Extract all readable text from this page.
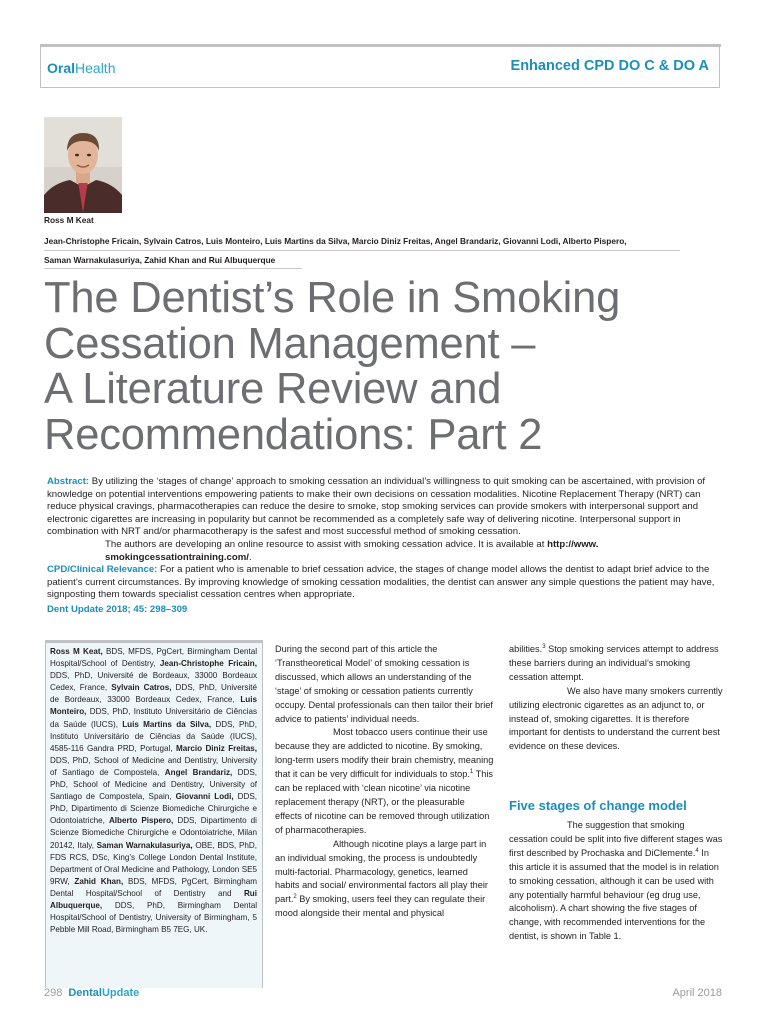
OralHealth	Enhanced CPD DO C & DO A
Ross M Keat
Jean-Christophe Fricain, Sylvain Catros, Luis Monteiro, Luis Martins da Silva, Marcio Diniz Freitas, Angel Brandariz, Giovanni Lodi, Alberto Pispero,
Saman Warnakulasuriya, Zahid Khan and Rui Albuquerque
The Dentist’s Role in Smoking
Cessation Management –
A Literature Review and
Recommendations: Part 2

Abstract: By utilizing the ‘stages of change’ approach to smoking cessation an individual’s willingness to quit smoking can be ascertained, with provision of knowledge on potential interventions empowering patients to make their own decisions on cessation modalities. Nicotine Replacement Therapy (NRT) can reduce physical cravings, pharmacotherapies can reduce the desire to smoke, stop smoking services can provide smokers with interpersonal support and electronic cigarettes are increasing in popularity but cannot be recommended as a completely safe way of delivering nicotine. Interpersonal support in combination with NRT and/or pharmacotherapy is the safest and most successful method of smoking cessation.

The authors are developing an online resource to assist with smoking cessation advice. It is available at http://www. smokingcessationtraining.com/.

CPD/Clinical Relevance: For a patient who is amenable to brief cessation advice, the stages of change model allows the dentist to adapt brief advice to the patient’s current circumstances. By improving knowledge of smoking cessation modalities, the dentist can answer any simple questions the patient may have, signposting them towards specialist cessation centres when appropriate.

Dent Update 2018; 45: 298–309

Ross M Keat, BDS, MFDS, PgCert, Birmingham Dental Hospital/School of Dentistry, Jean-Christophe Fricain, DDS, PhD, Université de Bordeaux, 33000 Bordeaux Cedex, France, Sylvain Catros, DDS, PhD, Université de Bordeaux, 33000 Bordeaux Cedex, France, Luis Monteiro, DDS, PhD, Instituto Universitário de Ciências da Saúde (IUCS), Luis Martins da Silva, DDS, PhD, Instituto Universitário de Ciências da Saúde (IUCS), 4585-116 Gandra PRD, Portugal, Marcio Diniz Freitas, DDS, PhD, School of Medicine and Dentistry, University of Santiago de Compostela, Angel Brandariz, DDS, PhD, School of Medicine and Dentistry, University of Santiago de Compostela, Spain, Giovanni Lodi, DDS, PhD, Dipartimento di Scienze Biomediche Chirurgiche e Odontoiatriche, Alberto Pispero, DDS, Dipartimento di Scienze Biomediche Chirurgiche e Odontoiatriche, Milan 20142, Italy, Saman Warnakulasuriya, OBE, BDS, PhD, FDS RCS, DSc, King’s College London Dental Institute, Department of Oral Medicine and Pathology, London SE5 9RW, Zahid Khan, BDS, MFDS, PgCert, Birmingham Dental Hospital/School of Dentistry and Rui Albuquerque, DDS, PhD, Birmingham Dental Hospital/School of Dentistry, University of Birmingham, 5 Pebble Mill Road, Birmingham B5 7EG, UK.

During the second part of this article the ‘Transtheoretical Model’ of smoking cessation is discussed, which allows an understanding of the ‘stage’ of smoking or cessation patients currently occupy. Dental professionals can then tailor their brief advice to patients’ individual needs.

Most tobacco users continue their use because they are addicted to nicotine. By smoking, long-term users modify their brain chemistry, meaning that it can be very difficult for individuals to stop.$^1$ This can be replaced with ‘clean nicotine’ via nicotine replacement therapy (NRT), or the pleasurable effects of nicotine can be removed through utilization of pharmacotherapies.

Although nicotine plays a large part in an individual smoking, the process is undoubtedly multi-factorial. Pharmacology, genetics, learned habits and social/ environmental factors all play their part.$^2$ By smoking, users feel they can regulate their mood alongside their mental and physical

abilities.$^3$ Stop smoking services attempt to address these barriers during an individual’s smoking cessation attempt.

We also have many smokers currently utilizing electronic cigarettes as an adjunct to, or instead of, smoking cigarettes. It is therefore important for dentists to understand the current best evidence on these devices.

Five stages of change model

The suggestion that smoking cessation could be split into five different stages was first described by Prochaska and DiClemente.$^4$ In this article it is assumed that the model is in relation to smoking cessation, although it can be used with any potentially harmful behaviour (eg drug use, alcoholism). A chart showing the five stages of change, with recommended interventions for the dentist, is shown in Table 1.

298 DentalUpdate	April 2018
